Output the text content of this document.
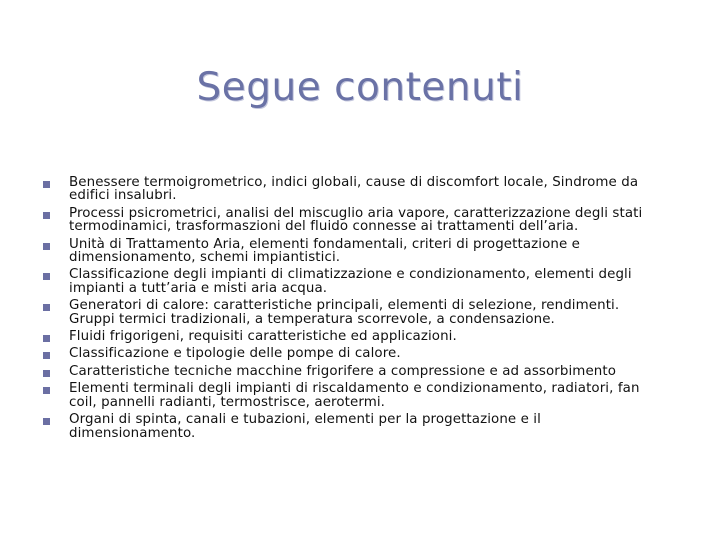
Segue contenuti
Benessere termoigrometrico, indici globali, cause di discomfort locale, Sindrome da
edifici insalubri.
Processi psicrometrici, analisi del miscuglio aria vapore, caratterizzazione degli stati
termodinamici, trasformaszioni del fluido connesse ai trattamenti dell’aria.
Unità di Trattamento Aria, elementi fondamentali, criteri di progettazione e
dimensionamento, schemi impiantistici.
Classificazione degli impianti di climatizzazione e condizionamento, elementi degli
impianti a tutt’aria e misti aria acqua.
Generatori di calore: caratteristiche principali, elementi di selezione, rendimenti.
Gruppi termici tradizionali, a temperatura scorrevole, a condensazione.
Fluidi frigorigeni, requisiti caratteristiche ed applicazioni.
Classificazione e tipologie delle pompe di calore.
Caratteristiche tecniche macchine frigorifere a compressione e ad assorbimento
Elementi terminali degli impianti di riscaldamento e condizionamento, radiatori, fan
coil, pannelli radianti, termostrisce, aerotermi.
Organi di spinta, canali e tubazioni, elementi per la progettazione e il
dimensionamento.
